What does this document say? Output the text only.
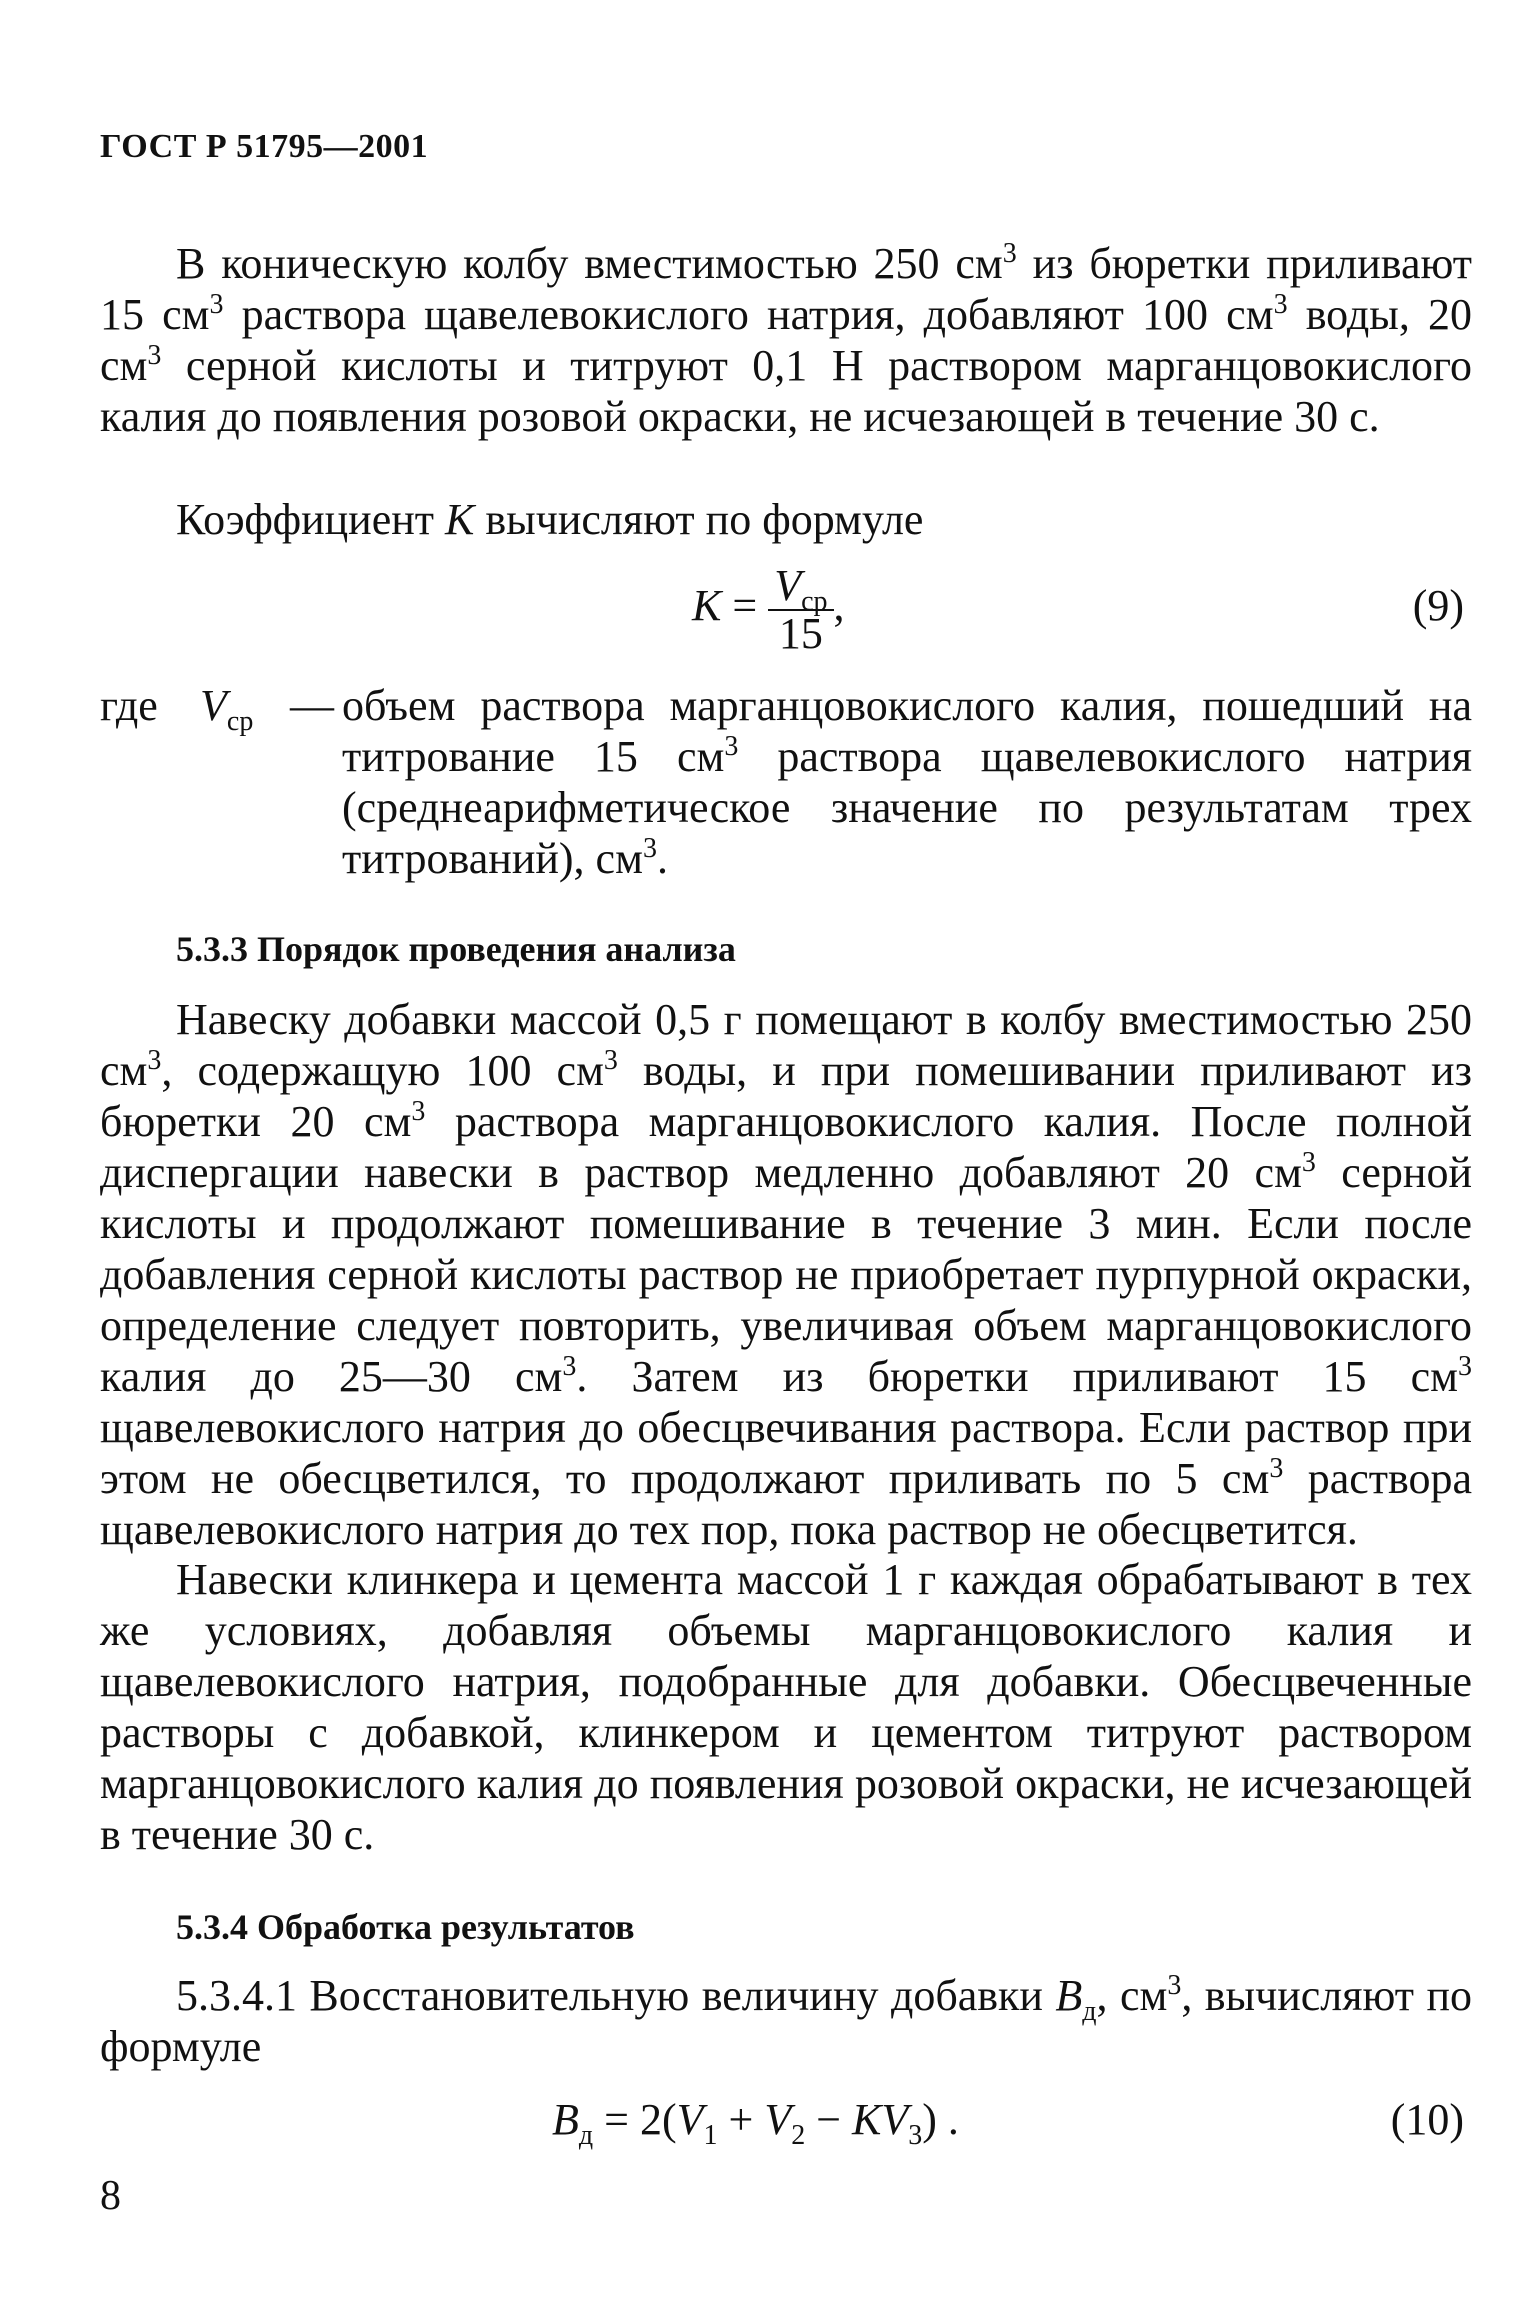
ГОСТ Р 51795—2001
В коническую колбу вместимостью 250 $см^3$ из бюретки приливают 15 $см^3$ раствора щавелевокислого натрия, добавляют 100 $см^3$ воды, 20 $см^3$ серной кислоты и титруют 0,1 Н раствором марганцовокислого калия до появления розовой окраски, не исчезающей в течение 30 с.
Коэффициент K вычисляют по формуле
$K = \frac{V_{ср}}{15}$ ,	(9)
где $V_{ср}$ — объем раствора марганцовокислого калия, пошедший на титрование 15 $см^3$ раствора щавелевокислого натрия (среднеарифметическое значение по результатам трех титрований), $см^3$.
5.3.3 Порядок проведения анализа
Навеску добавки массой 0,5 г помещают в колбу вместимостью 250 $см^3$, содержащую 100 $см^3$ воды, и при помешивании приливают из бюретки 20 $см^3$ раствора марганцовокислого калия. После полной диспергации навески в раствор медленно добавляют 20 $см^3$ серной кислоты и продолжают помешивание в течение 3 мин. Если после добавления серной кислоты раствор не приобретает пурпурной окраски, определение следует повторить, увеличивая объем марганцовокислого калия до 25—30 $см^3$. Затем из бюретки приливают 15 $см^3$ щавелевокислого натрия до обесцвечивания раствора. Если раствор при этом не обесцветился, то продолжают приливать по 5 $см^3$ раствора щавелевокислого натрия до тех пор, пока раствор не обесцветится.
Навески клинкера и цемента массой 1 г каждая обрабатывают в тех же условиях, добавляя объемы марганцовокислого калия и щавелевокислого натрия, подобранные для добавки. Обесцвеченные растворы с добавкой, клинкером и цементом титруют раствором марганцовокислого калия до появления розовой окраски, не исчезающей в течение 30 с.
5.3.4 Обработка результатов
5.3.4.1 Восстановительную величину добавки $B_д$, $см^3$, вычисляют по формуле
$B_д = 2(V_1 + V_2 - KV_3)$ .	(10)
8
